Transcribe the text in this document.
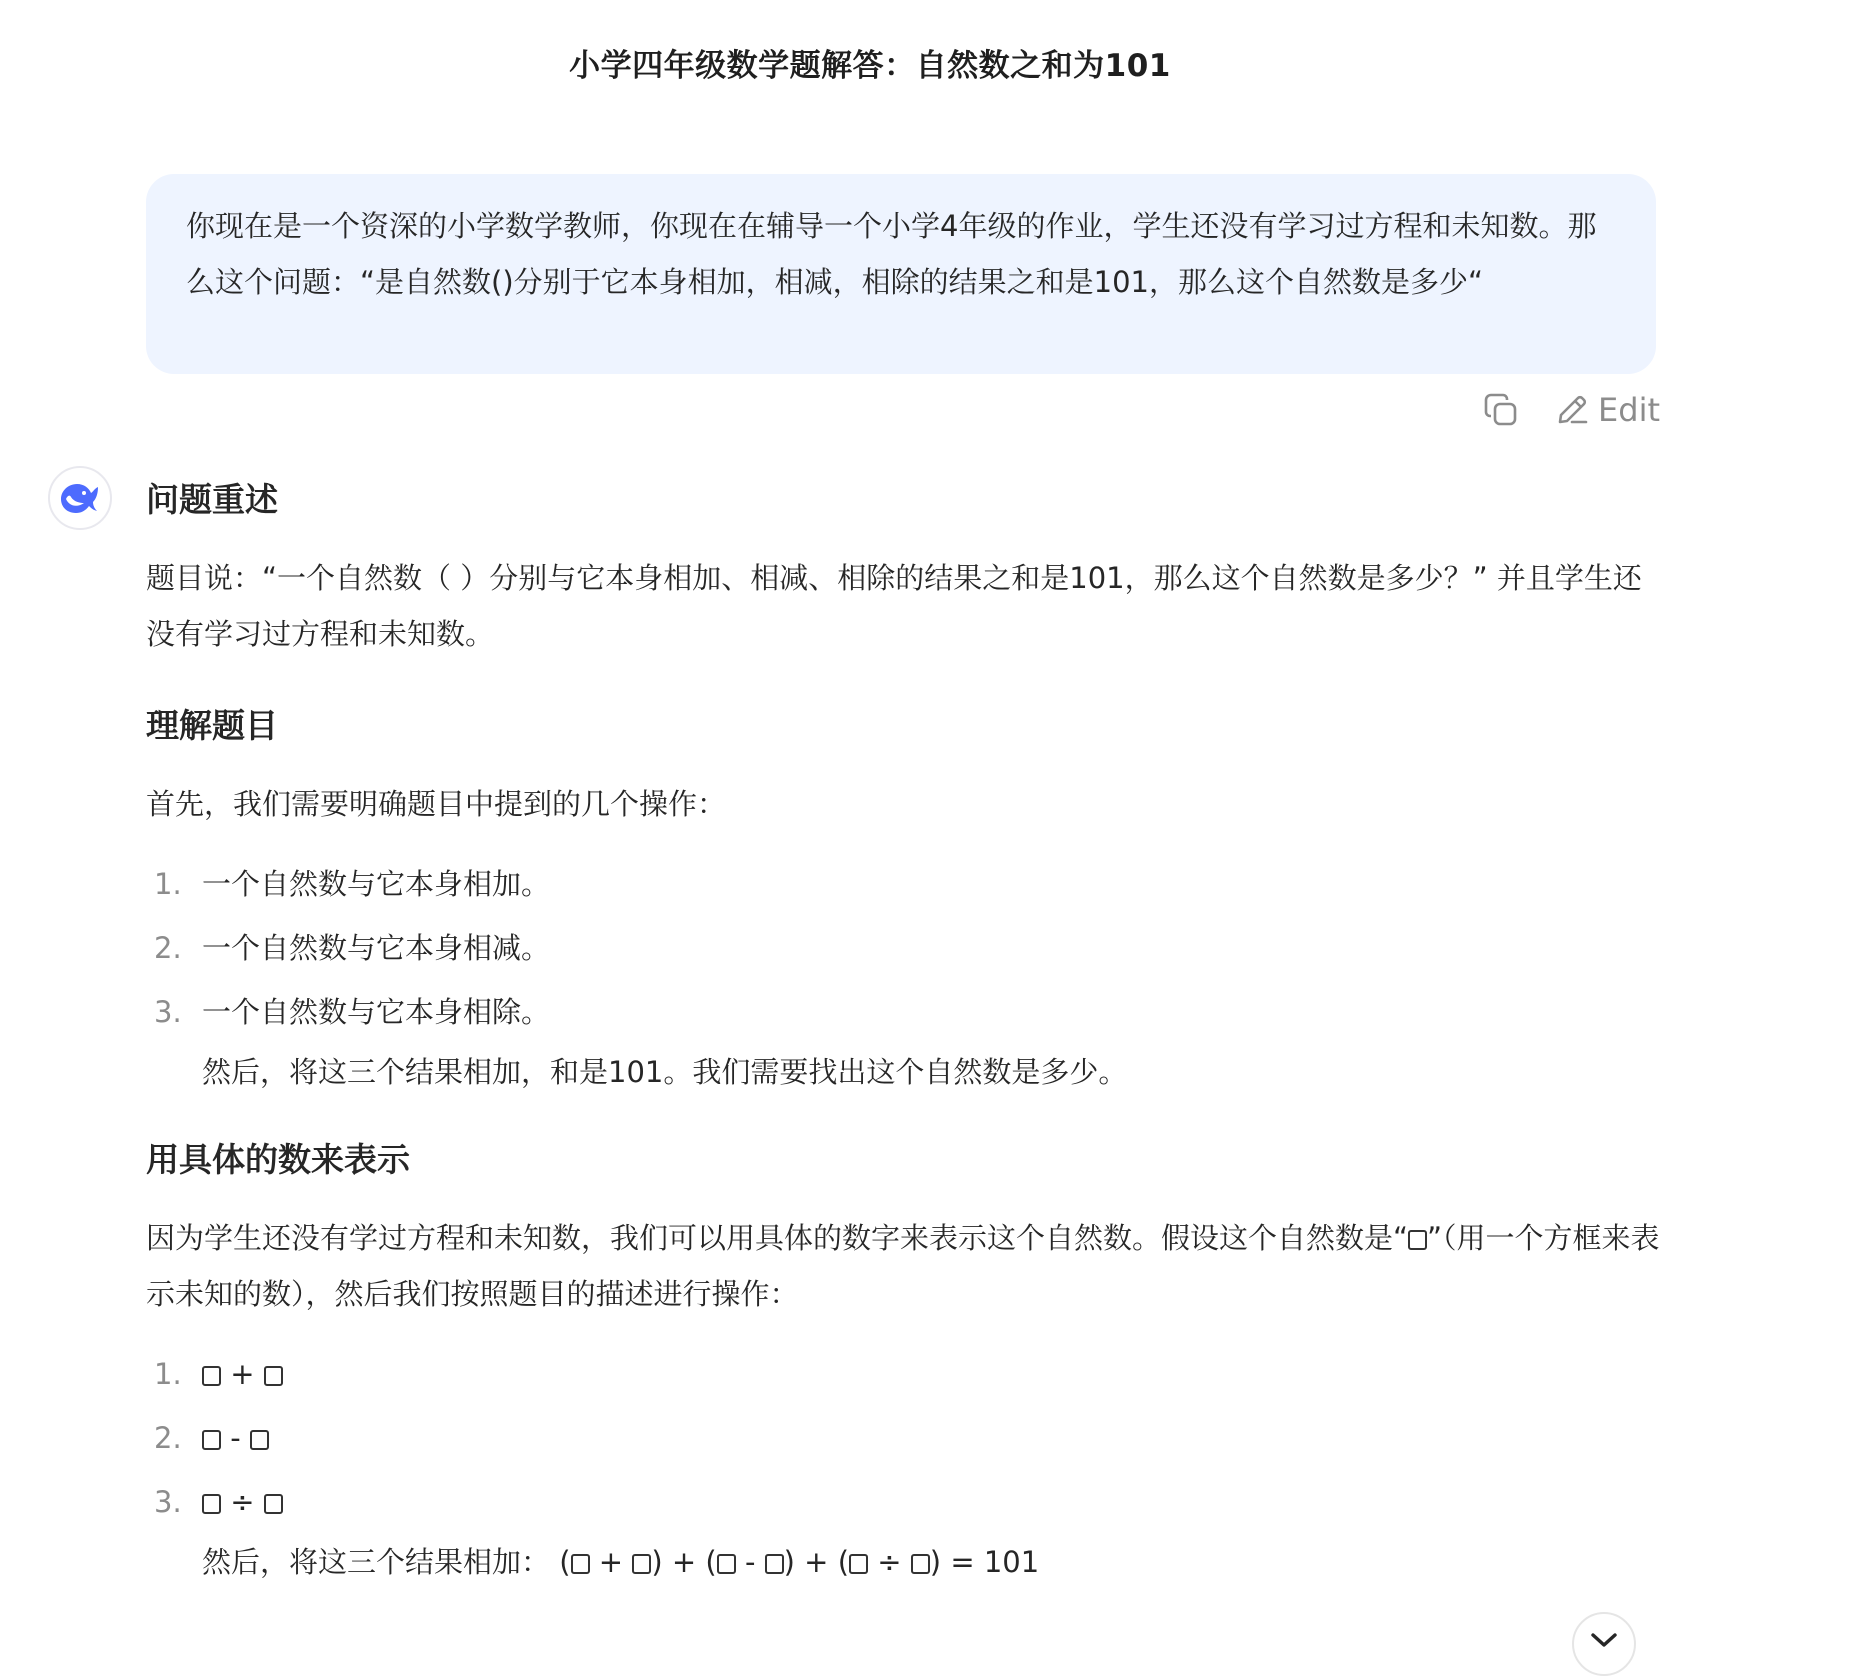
小学四年级数学题解答：自然数之和为101
你现在是一个资深的小学数学教师，你现在在辅导一个小学4年级的作业，学生还没有学习过方程和未知数。那么这个问题：“是自然数()分别于它本身相加，相减，相除的结果之和是101，那么这个自然数是多少“
Edit
问题重述

题目说：“一个自然数（ ）分别与它本身相加、相减、相除的结果之和是101，那么这个自然数是多少？” 并且学生还没有学习过方程和未知数。

理解题目

首先，我们需要明确题目中提到的几个操作：

1. 一个自然数与它本身相加。
2. 一个自然数与它本身相减。
3. 一个自然数与它本身相除。

然后，将这三个结果相加，和是101。我们需要找出这个自然数是多少。

用具体的数来表示

因为学生还没有学过方程和未知数，我们可以用具体的数字来表示这个自然数。假设这个自然数是“ ”（用一个方框来表示未知的数），然后我们按照题目的描述进行操作：

1. +
2. -
3. ÷

然后，将这三个结果相加： ( + ) + ( - ) + ( ÷ ) = 101
